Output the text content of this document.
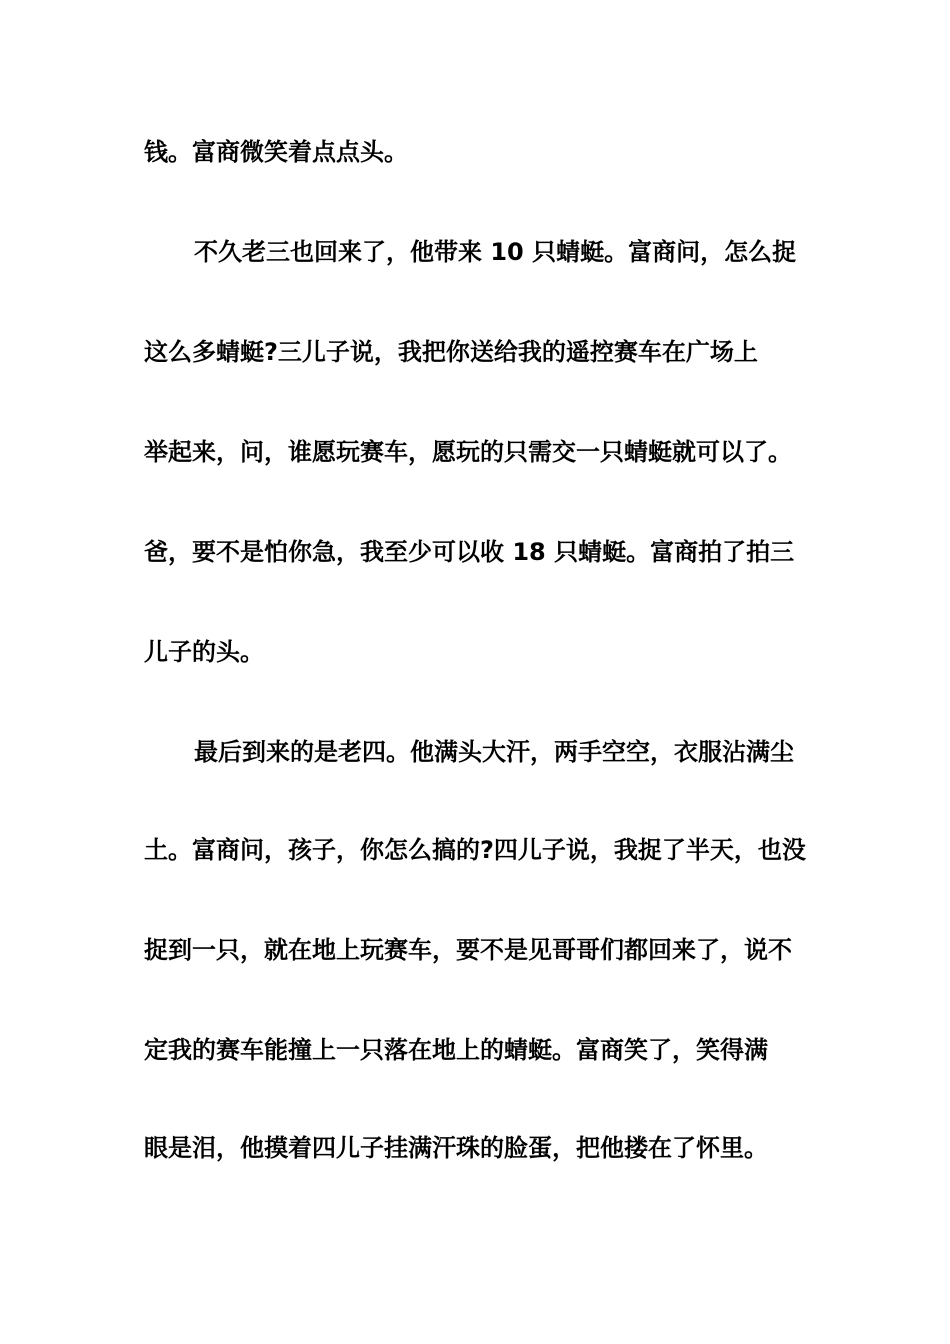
钱。富商微笑着点点头。

不久老三也回来了，他带来 10 只蜻蜓。富商问，怎么捉

这么多蜻蜓?三儿子说，我把你送给我的遥控赛车在广场上

举起来，问，谁愿玩赛车，愿玩的只需交一只蜻蜓就可以了。

爸，要不是怕你急，我至少可以收 18 只蜻蜓。富商拍了拍三

儿子的头。

最后到来的是老四。他满头大汗，两手空空，衣服沾满尘

土。富商问，孩子，你怎么搞的?四儿子说，我捉了半天，也没

捉到一只，就在地上玩赛车，要不是见哥哥们都回来了，说不

定我的赛车能撞上一只落在地上的蜻蜓。富商笑了，笑得满

眼是泪，他摸着四儿子挂满汗珠的脸蛋，把他搂在了怀里。
